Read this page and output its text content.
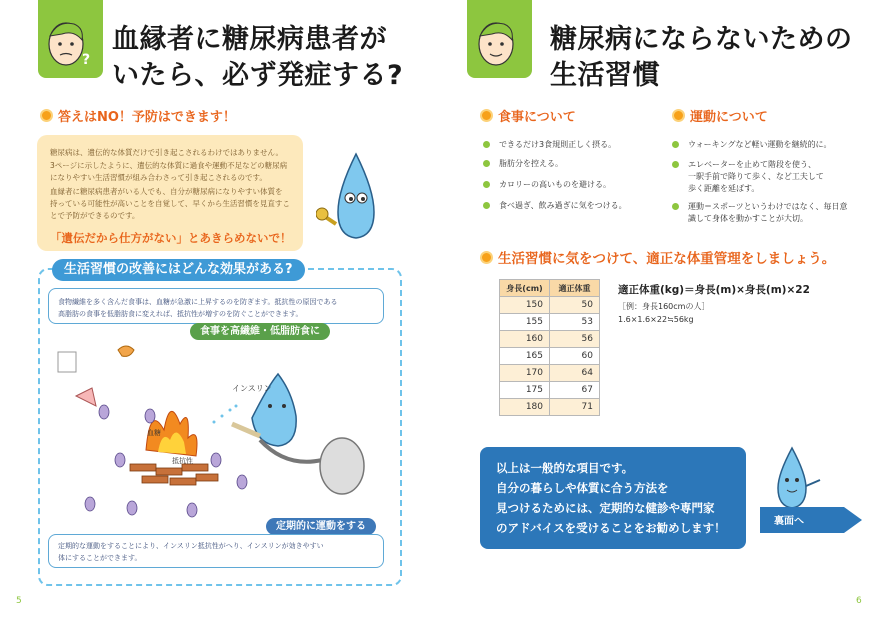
?
血縁者に糖尿病患者が
いたら、必ず発症する?
答えはNO！予防はできます！
糖尿病は、遺伝的な体質だけで引き起こされるわけではありません。
3ページに示したように、遺伝的な体質に過食や運動不足などの糖尿病
になりやすい生活習慣が組み合わさって引き起こされるのです。
血縁者に糖尿病患者がいる人でも、自分が糖尿病になりやすい体質を
持っている可能性が高いことを自覚して、早くから生活習慣を見直すこ
とで予防ができるのです。
「遺伝だから仕方がない」とあきらめないで！
生活習慣の改善にはどんな効果がある?
食物繊維を多く含んだ食事は、血糖が急激に上昇するのを防ぎます。抵抗性の原因である
高脂肪の食事を低脂肪食に変えれば、抵抗性が増すのを防ぐことができます。
食事を高繊維・低脂肪食に
インスリン
血糖
抵抗性
定期的に運動をする
定期的な運動をすることにより、インスリン抵抗性がへり、インスリンが効きやすい
体にすることができます。
5
糖尿病にならないための
生活習慣
食事について
できるだけ3食規則正しく摂る。
脂肪分を控える。
カロリーの高いものを避ける。
食べ過ぎ、飲み過ぎに気をつける。
運動について
ウォーキングなど軽い運動を継続的に。
エレベーターを止めて階段を使う、
一駅手前で降りて歩く、など工夫して
歩く距離を延ばす。
運動＝スポーツというわけではなく、毎日意
識して身体を動かすことが大切。
生活習慣に気をつけて、適正な体重管理をしましょう。
身長(cm)	適正体重
150	50
155	53
160	56
165	60
170	64
175	67
180	71
適正体重(kg)＝身長(m)×身長(m)×22
［例：身長160cmの人］
1.6×1.6×22≒56kg
以上は一般的な項目です。
自分の暮らしや体質に合う方法を
見つけるためには、定期的な健診や専門家
のアドバイスを受けることをお勧めします！	裏面へ
6
